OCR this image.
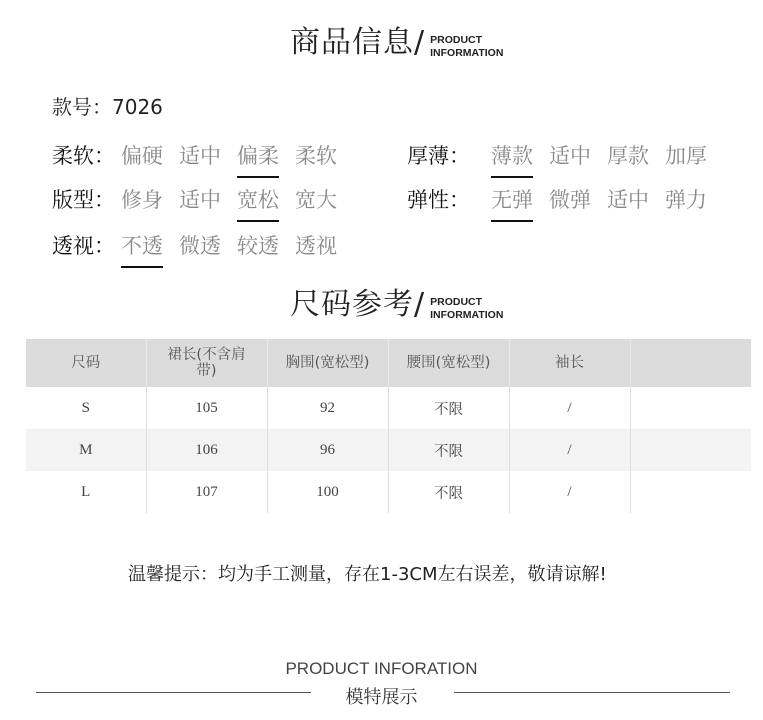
商品信息 / PRODUCT
INFORMATION
款号：7026
柔软： 偏硬 适中 偏柔 柔软	厚薄：	薄款 适中 厚款 加厚
版型： 修身 适中 宽松 宽大	弹性：	无弹 微弹 适中 弹力
透视： 不透 微透 较透 透视
尺码参考 / PRODUCT
INFORMATION
尺码	裙长(不含肩带)	胸围(宽松型)	腰围(宽松型)	袖长	
S	105	92	不限	/	
M	106	96	不限	/	
L	107	100	不限	/	
温馨提示：均为手工测量，存在1-3CM左右误差，敬请谅解!
PRODUCT INFORATION
模特展示
